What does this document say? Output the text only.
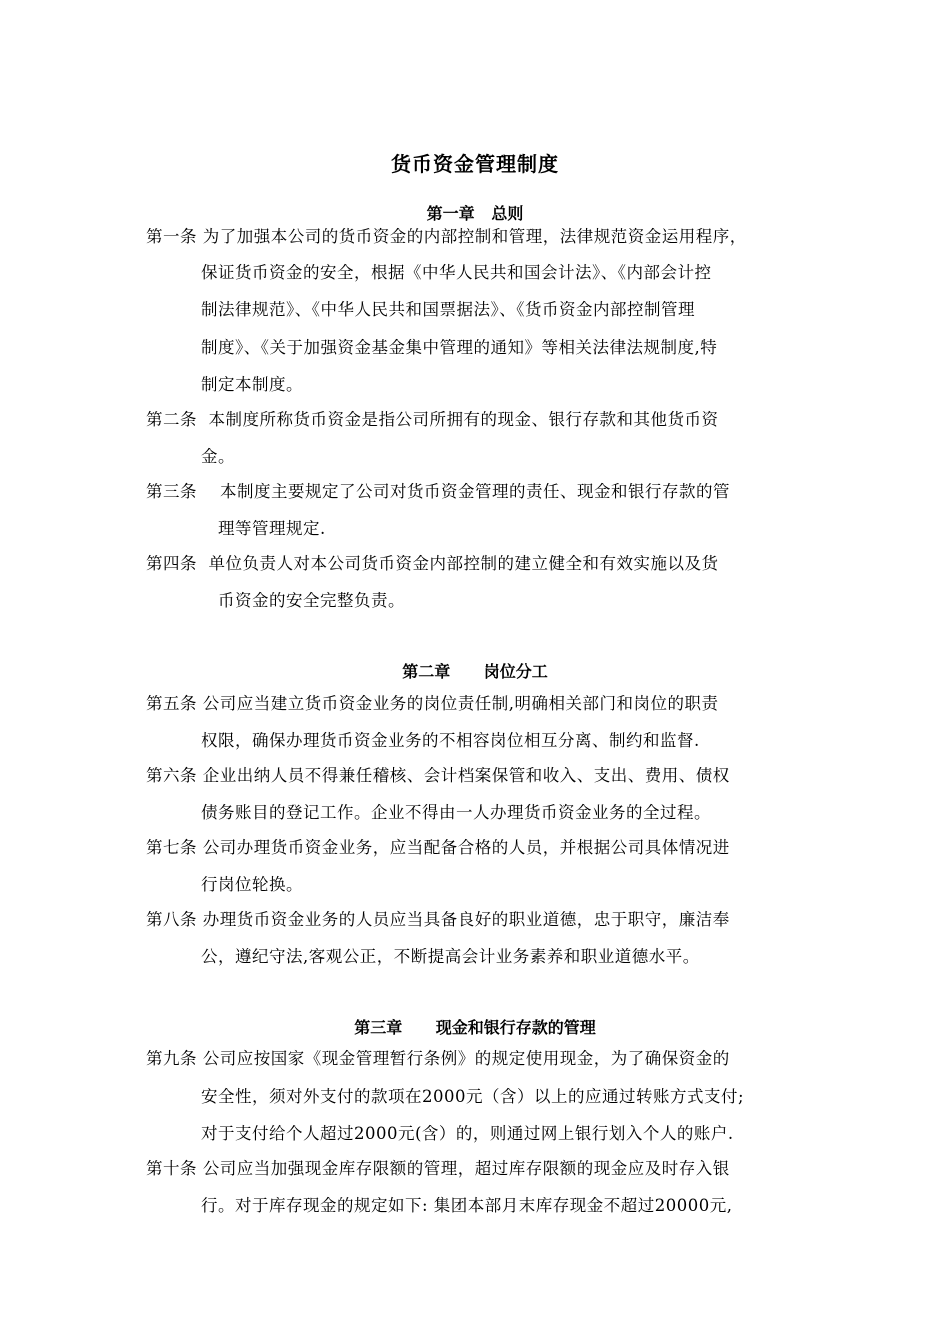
货币资金管理制度
第一章   总则
第一条 为了加强本公司的货币资金的内部控制和管理，法律规范资金运用程序，
保证货币资金的安全，根据《中华人民共和国会计法》、《内部会计控
制法律规范》、《中华人民共和国票据法》、《货币资金内部控制管理
制度》、《关于加强资金基金集中管理的通知》等相关法律法规制度,特
制定本制度。
第二条  本制度所称货币资金是指公司所拥有的现金、银行存款和其他货币资
金。
第三条    本制度主要规定了公司对货币资金管理的责任、现金和银行存款的管
理等管理规定.
第四条  单位负责人对本公司货币资金内部控制的建立健全和有效实施以及货
币资金的安全完整负责。
第二章      岗位分工
第五条 公司应当建立货币资金业务的岗位责任制,明确相关部门和岗位的职责
权限，确保办理货币资金业务的不相容岗位相互分离、制约和监督.
第六条 企业出纳人员不得兼任稽核、会计档案保管和收入、支出、费用、债权
债务账目的登记工作。企业不得由一人办理货币资金业务的全过程。
第七条 公司办理货币资金业务，应当配备合格的人员，并根据公司具体情况进
行岗位轮换。
第八条 办理货币资金业务的人员应当具备良好的职业道德，忠于职守，廉洁奉
公，遵纪守法,客观公正，不断提高会计业务素养和职业道德水平。
第三章      现金和银行存款的管理
第九条 公司应按国家《现金管理暂行条例》的规定使用现金，为了确保资金的
安全性，须对外支付的款项在2000元（含）以上的应通过转账方式支付;
对于支付给个人超过2000元(含）的，则通过网上银行划入个人的账户.
第十条 公司应当加强现金库存限额的管理，超过库存限额的现金应及时存入银
行。对于库存现金的规定如下: 集团本部月末库存现金不超过20000元,
